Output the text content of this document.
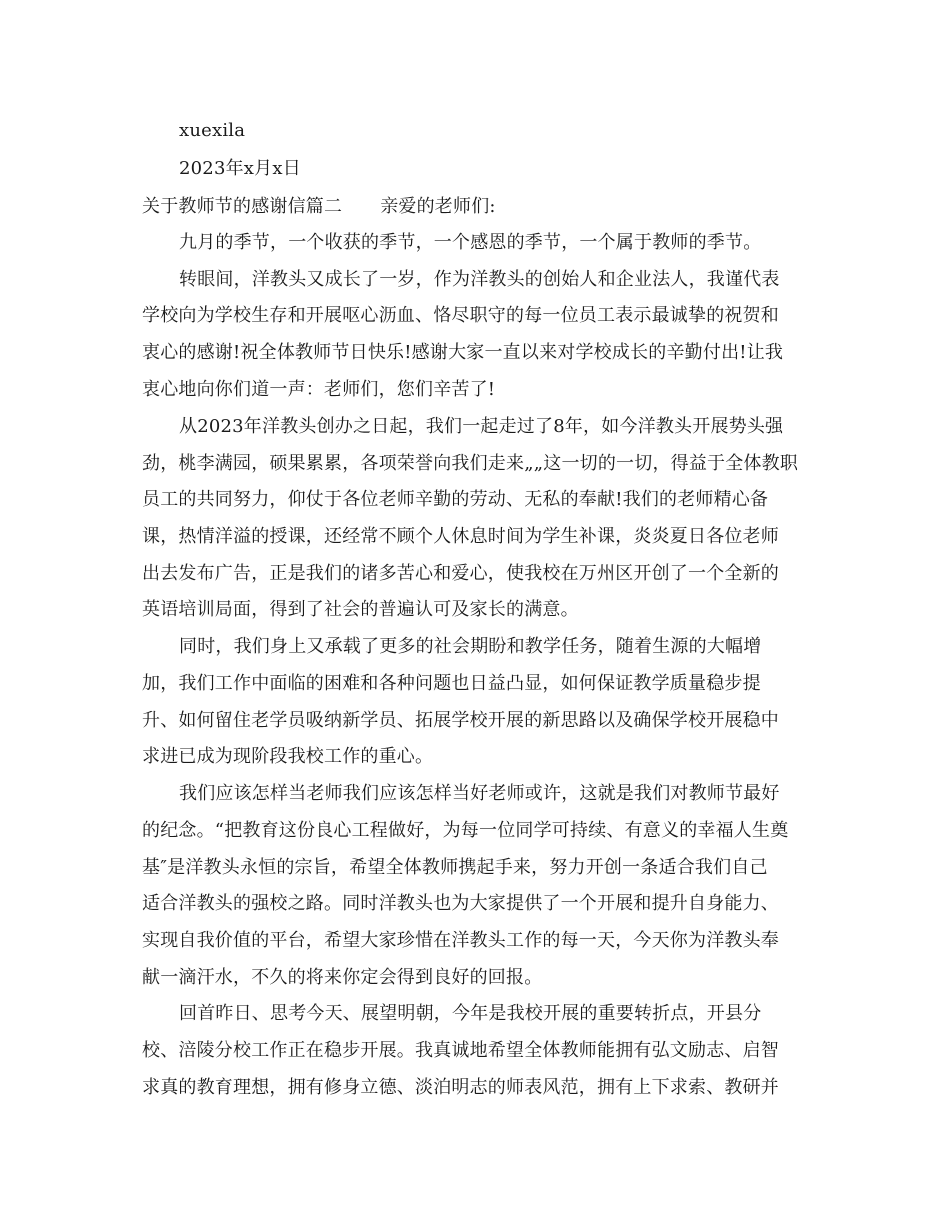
xuexila
2023年x月x日
关于教师节的感谢信篇二 亲爱的老师们:
九月的季节，一个收获的季节，一个感恩的季节，一个属于教师的季节。
转眼间，洋教头又成长了一岁，作为洋教头的创始人和企业法人，我谨代表
学校向为学校生存和开展呕心沥血、恪尽职守的每一位员工表示最诚挚的祝贺和
衷心的感谢!祝全体教师节日快乐!感谢大家一直以来对学校成长的辛勤付出!让我
衷心地向你们道一声：老师们，您们辛苦了!
从2023年洋教头创办之日起，我们一起走过了8年，如今洋教头开展势头强
劲，桃李满园，硕果累累，各项荣誉向我们走来„„这一切的一切，得益于全体教职
员工的共同努力，仰仗于各位老师辛勤的劳动、无私的奉献!我们的老师精心备
课，热情洋溢的授课，还经常不顾个人休息时间为学生补课，炎炎夏日各位老师
出去发布广告，正是我们的诸多苦心和爱心，使我校在万州区开创了一个全新的
英语培训局面，得到了社会的普遍认可及家长的满意。
同时，我们身上又承载了更多的社会期盼和教学任务，随着生源的大幅增
加，我们工作中面临的困难和各种问题也日益凸显，如何保证教学质量稳步提
升、如何留住老学员吸纳新学员、拓展学校开展的新思路以及确保学校开展稳中
求进已成为现阶段我校工作的重心。
我们应该怎样当老师我们应该怎样当好老师或许，这就是我们对教师节最好
的纪念。“把教育这份良心工程做好，为每一位同学可持续、有意义的幸福人生奠
基″是洋教头永恒的宗旨，希望全体教师携起手来，努力开创一条适合我们自己
适合洋教头的强校之路。同时洋教头也为大家提供了一个开展和提升自身能力、
实现自我价值的平台，希望大家珍惜在洋教头工作的每一天，今天你为洋教头奉
献一滴汗水，不久的将来你定会得到良好的回报。
回首昨日、思考今天、展望明朝，今年是我校开展的重要转折点，开县分
校、涪陵分校工作正在稳步开展。我真诚地希望全体教师能拥有弘文励志、启智
求真的教育理想，拥有修身立德、淡泊明志的师表风范，拥有上下求索、教研并
